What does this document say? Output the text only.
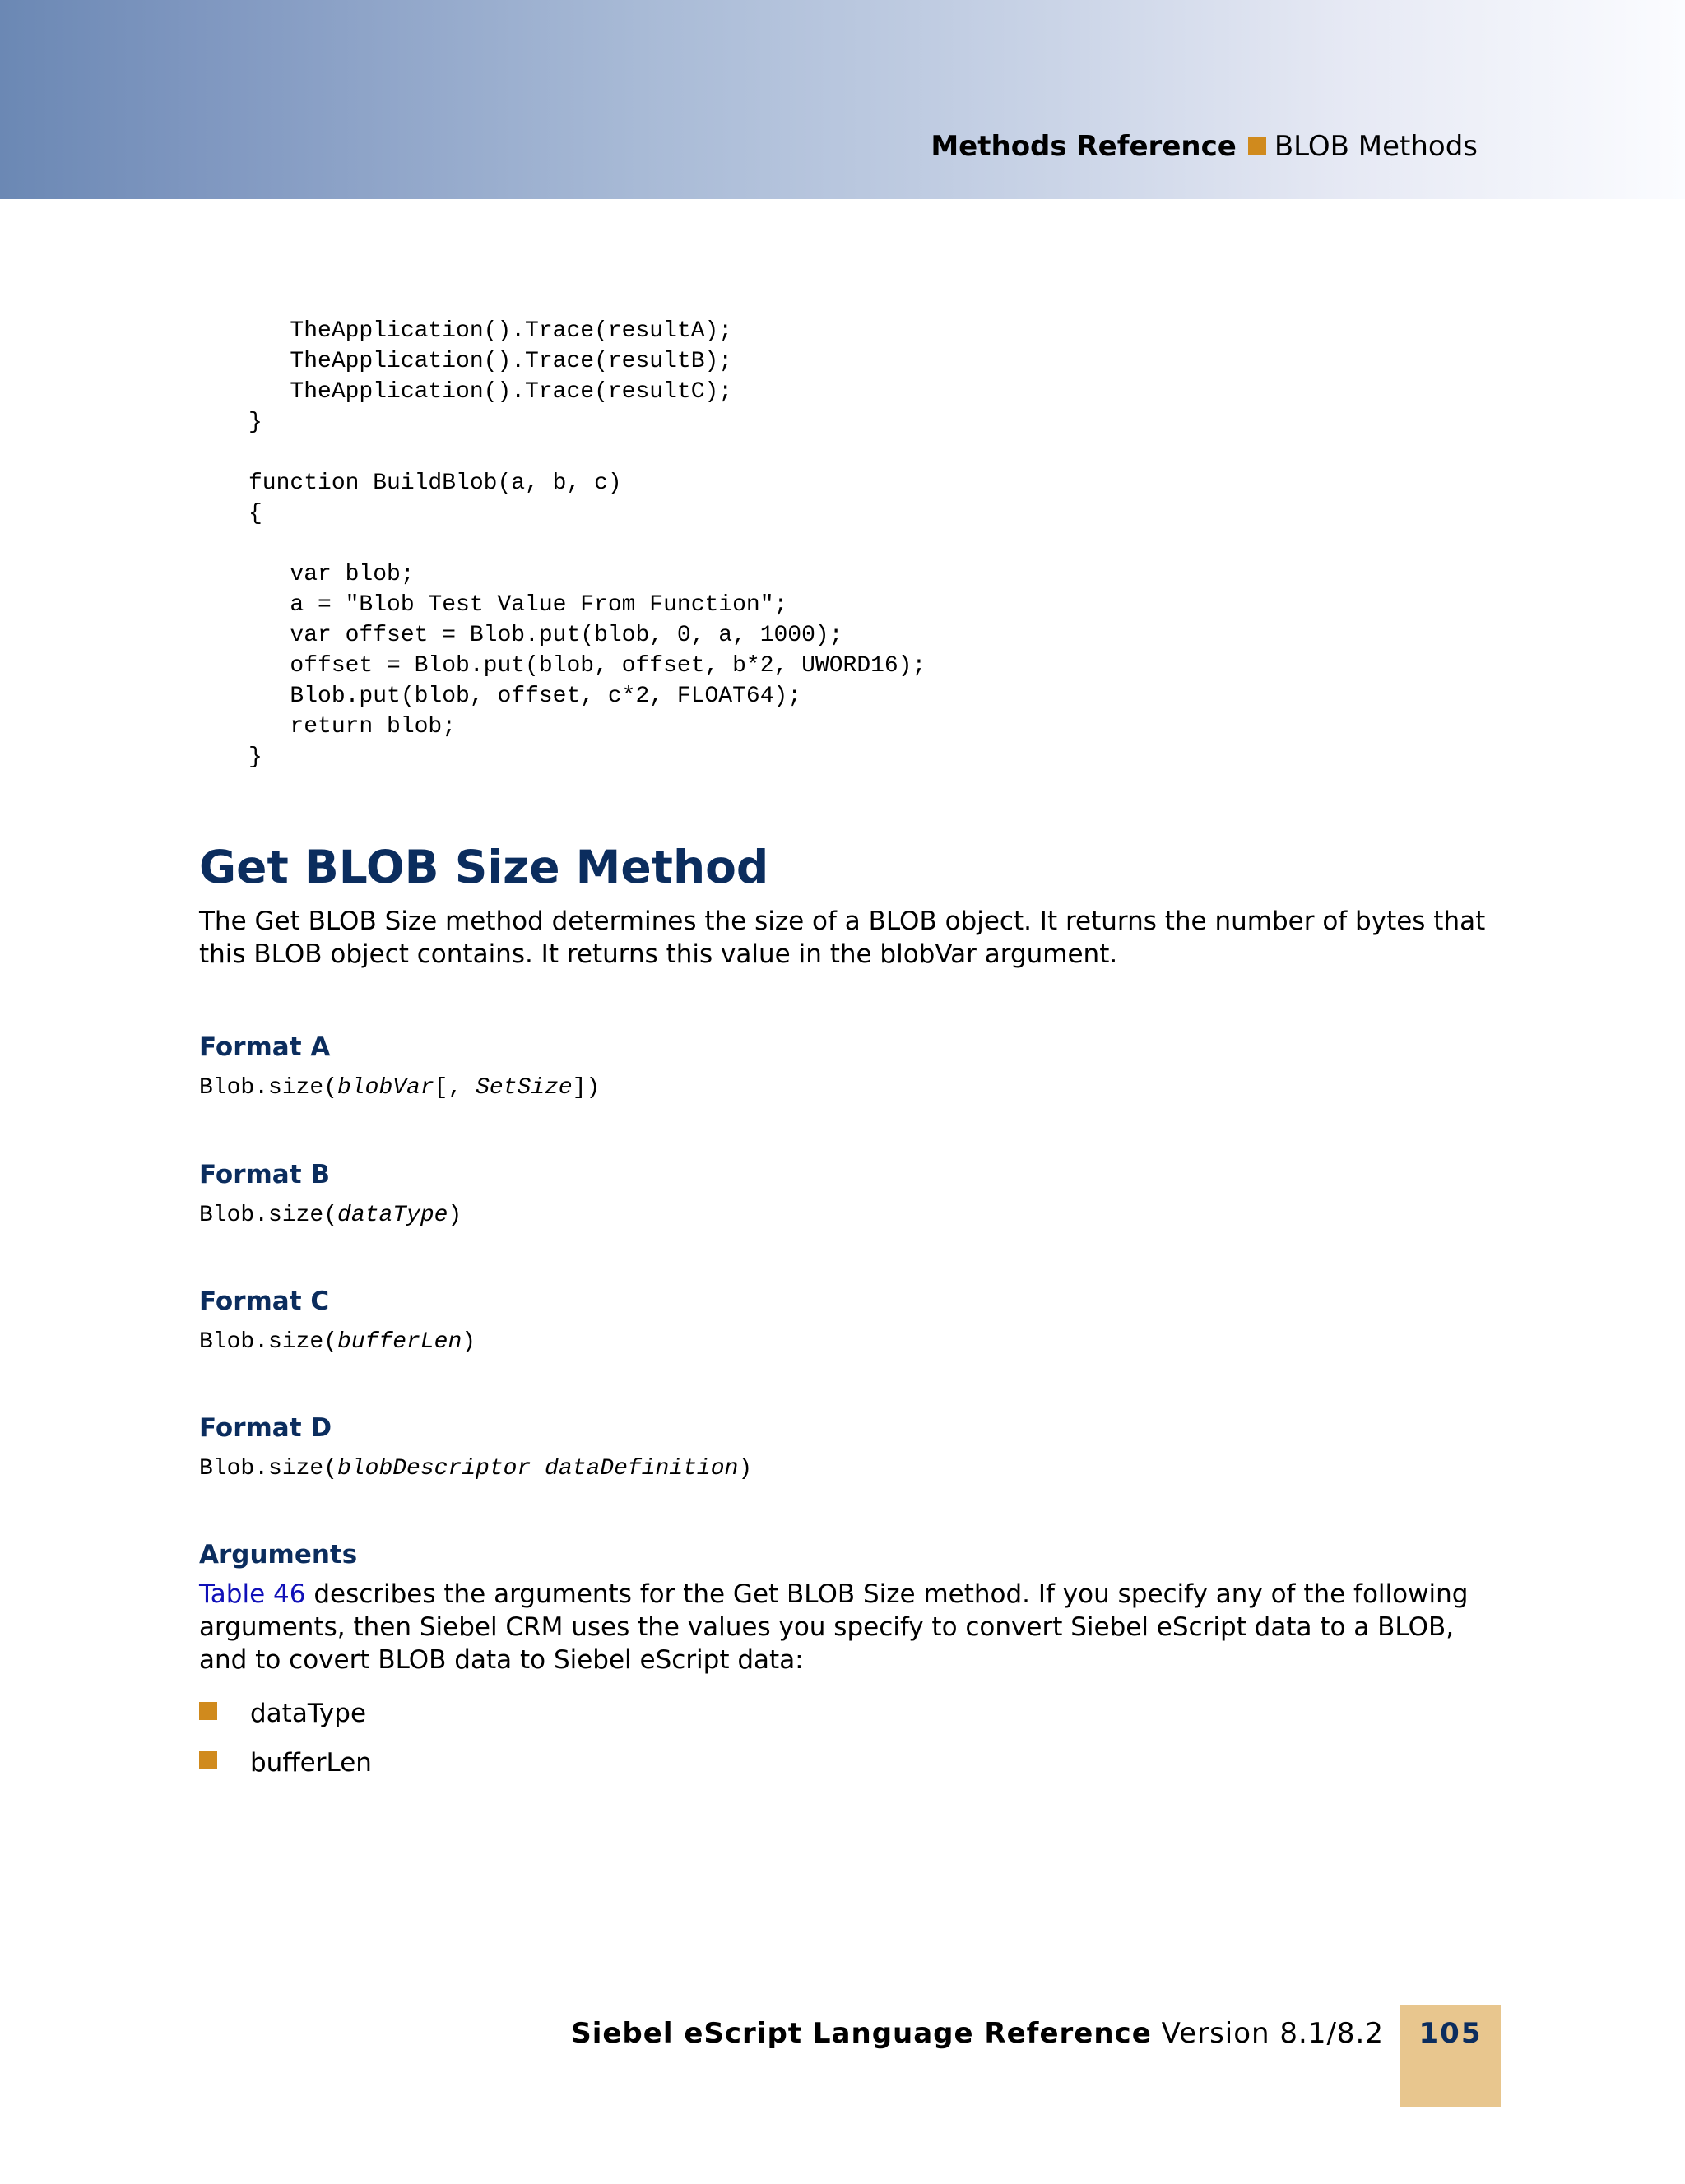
Methods Reference BLOB Methods
TheApplication().Trace(resultA);
TheApplication().Trace(resultB);
TheApplication().Trace(resultC);
}

function BuildBlob(a, b, c)
{

var blob;
a = "Blob Test Value From Function";
var offset = Blob.put(blob, 0, a, 1000);
offset = Blob.put(blob, offset, b*2, UWORD16);
Blob.put(blob, offset, c*2, FLOAT64);
return blob;
}
Get BLOB Size Method

The Get BLOB Size method determines the size of a BLOB object. It returns the number of bytes that this BLOB object contains. It returns this value in the blobVar argument.

Format A
Blob.size(blobVar[, SetSize])
Format B
Blob.size(dataType)
Format C
Blob.size(bufferLen)
Format D
Blob.size(blobDescriptor dataDefinition)
Arguments

Table 46 describes the arguments for the Get BLOB Size method. If you specify any of the following arguments, then Siebel CRM uses the values you specify to convert Siebel eScript data to a BLOB, and to covert BLOB data to Siebel eScript data:

dataType
bufferLen
Siebel eScript Language Reference Version 8.1/8.2	105
